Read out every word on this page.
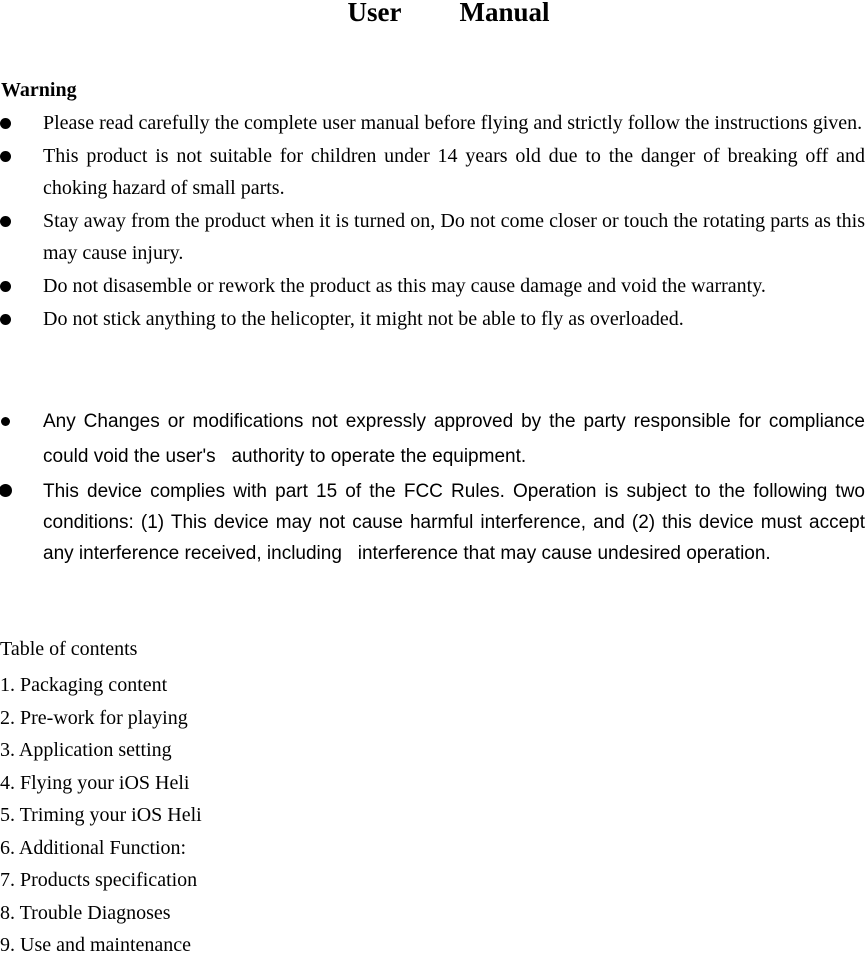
User Manual
Warning
Please read carefully the complete user manual before flying and strictly follow the instructions given.
This product is not suitable for children under 14 years old due to the danger of breaking off and choking hazard of small parts.
Stay away from the product when it is turned on, Do not come closer or touch the rotating parts as this may cause injury.
Do not disasemble or rework the product as this may cause damage and void the warranty.
Do not stick anything to the helicopter, it might not be able to fly as overloaded.
Any Changes or modifications not expressly approved by the party responsible for compliance could void the user's   authority to operate the equipment.
This device complies with part 15 of the FCC Rules. Operation is subject to the following two conditions: (1) This device may not cause harmful interference, and (2) this device must accept any interference received, including   interference that may cause undesired operation.
Table of contents
1. Packaging content
2. Pre-work for playing
3. Application setting
4. Flying your iOS Heli
5. Triming your iOS Heli
6. Additional Function:
7. Products specification
8. Trouble Diagnoses
9. Use and maintenance
